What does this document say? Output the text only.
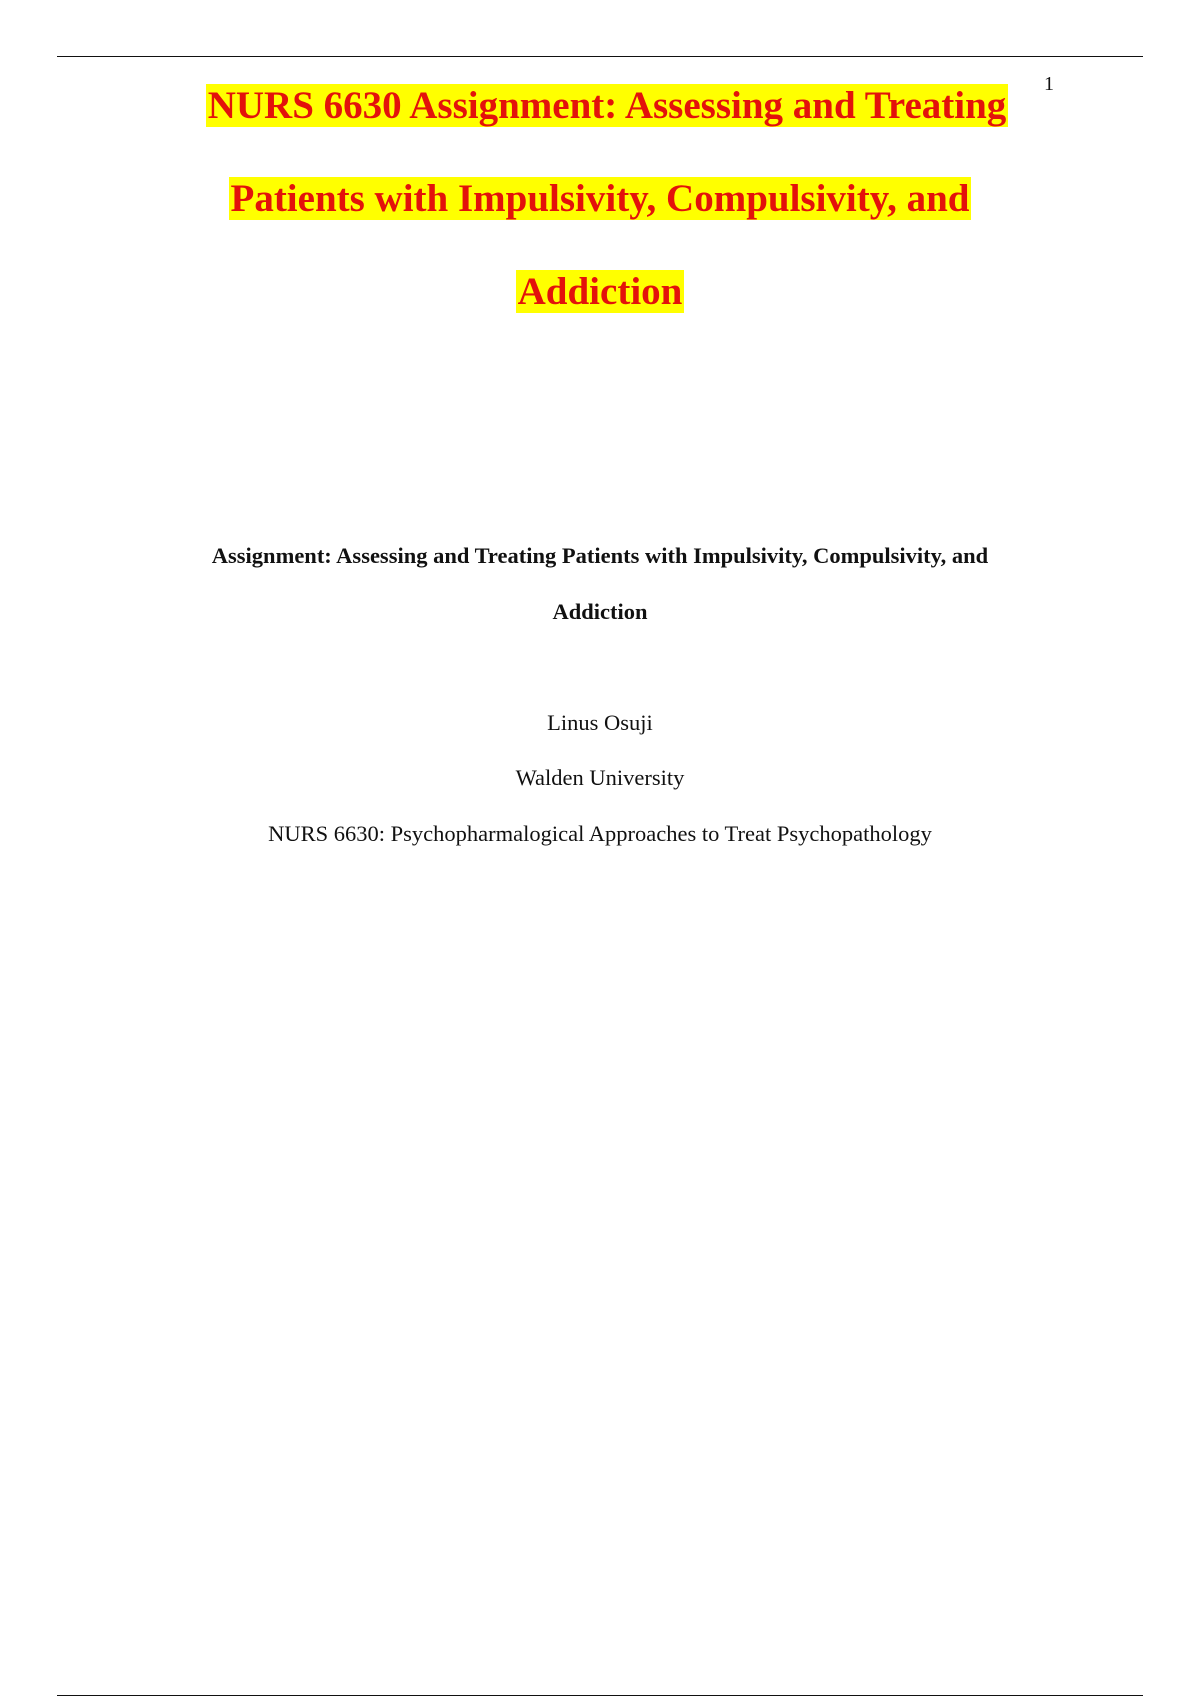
1
NURS 6630 Assignment: Assessing and Treating
Patients with Impulsivity, Compulsivity, and
Addiction
Assignment: Assessing and Treating Patients with Impulsivity, Compulsivity, and
Addiction
Linus Osuji
Walden University
NURS 6630: Psychopharmalogical Approaches to Treat Psychopathology
